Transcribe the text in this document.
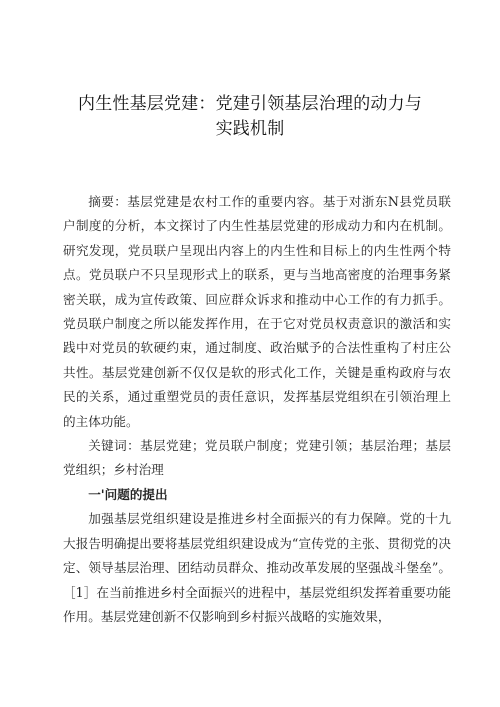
内生性基层党建：党建引领基层治理的动力与
实践机制

摘要：基层党建是农村工作的重要内容。基于对浙东N县党员联户制度的分析，本文探讨了内生性基层党建的形成动力和内在机制。研究发现，党员联户呈现出内容上的内生性和目标上的内生性两个特点。党员联户不只呈现形式上的联系，更与当地高密度的治理事务紧密关联，成为宣传政策、回应群众诉求和推动中心工作的有力抓手。党员联户制度之所以能发挥作用，在于它对党员权责意识的激活和实践中对党员的软硬约束，通过制度、政治赋予的合法性重构了村庄公共性。基层党建创新不仅仅是软的形式化工作，关键是重构政府与农民的关系，通过重塑党员的责任意识，发挥基层党组织在引领治理上的主体功能。

关键词：基层党建；党员联户制度；党建引领；基层治理；基层党组织；乡村治理

一'问题的提出

加强基层党组织建设是推进乡村全面振兴的有力保障。党的十九大报告明确提出要将基层党组织建设成为“宣传党的主张、贯彻党的决定、领导基层治理、团结动员群众、推动改革发展的坚强战斗堡垒”。［1］在当前推进乡村全面振兴的进程中，基层党组织发挥着重要功能作用。基层党建创新不仅影响到乡村振兴战略的实施效果，
